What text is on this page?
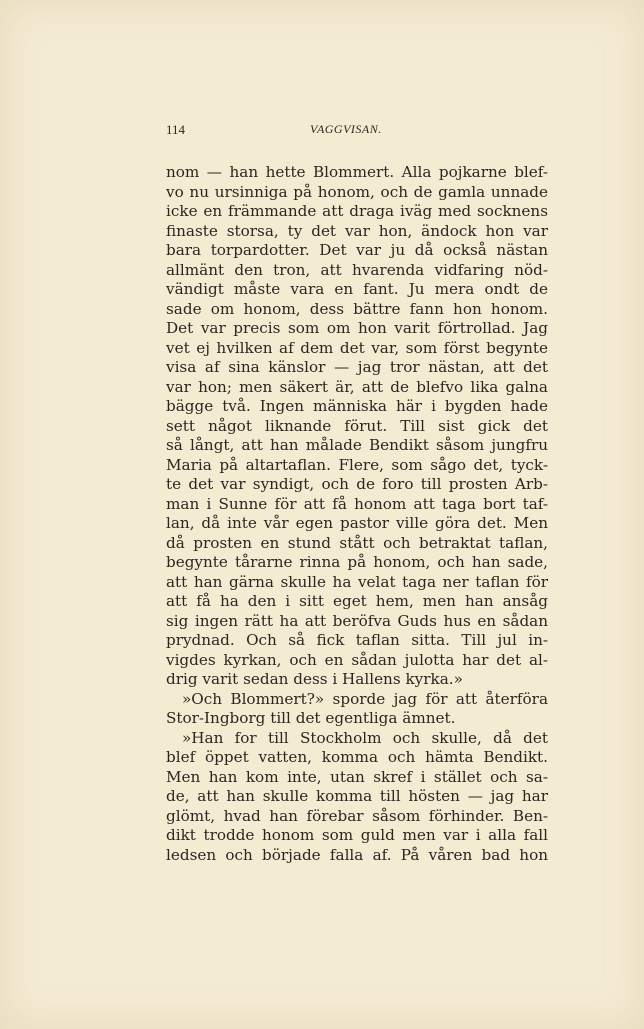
114	VAGGVISAN.
nom — han hette Blommert. Alla pojkarne blef-
vo nu ursinniga på honom, och de gamla unnade
icke en främmande att draga iväg med socknens
finaste storsa, ty det var hon, ändock hon var
bara torpardotter. Det var ju då också nästan
allmänt den tron, att hvarenda vidfaring nöd-
vändigt måste vara en fant. Ju mera ondt de
sade om honom, dess bättre fann hon honom.
Det var precis som om hon varit förtrollad. Jag
vet ej hvilken af dem det var, som först begynte
visa af sina känslor — jag tror nästan, att det
var hon; men säkert är, att de blefvo lika galna
bägge två. Ingen människa här i bygden hade
sett något liknande förut. Till sist gick det
så långt, att han målade Bendikt såsom jungfru
Maria på altartaflan. Flere, som sågo det, tyck-
te det var syndigt, och de foro till prosten Arb-
man i Sunne för att få honom att taga bort taf-
lan, då inte vår egen pastor ville göra det. Men
då prosten en stund stått och betraktat taflan,
begynte tårarne rinna på honom, och han sade,
att han gärna skulle ha velat taga ner taflan för
att få ha den i sitt eget hem, men han ansåg
sig ingen rätt ha att beröfva Guds hus en sådan
prydnad. Och så fick taflan sitta. Till jul in-
vigdes kyrkan, och en sådan julotta har det al-
drig varit sedan dess i Hallens kyrka.»
»Och Blommert?» sporde jag för att återföra
Stor-Ingborg till det egentliga ämnet.
»Han for till Stockholm och skulle, då det
blef öppet vatten, komma och hämta Bendikt.
Men han kom inte, utan skref i stället och sa-
de, att han skulle komma till hösten — jag har
glömt, hvad han förebar såsom förhinder. Ben-
dikt trodde honom som guld men var i alla fall
ledsen och började falla af. På våren bad hon
